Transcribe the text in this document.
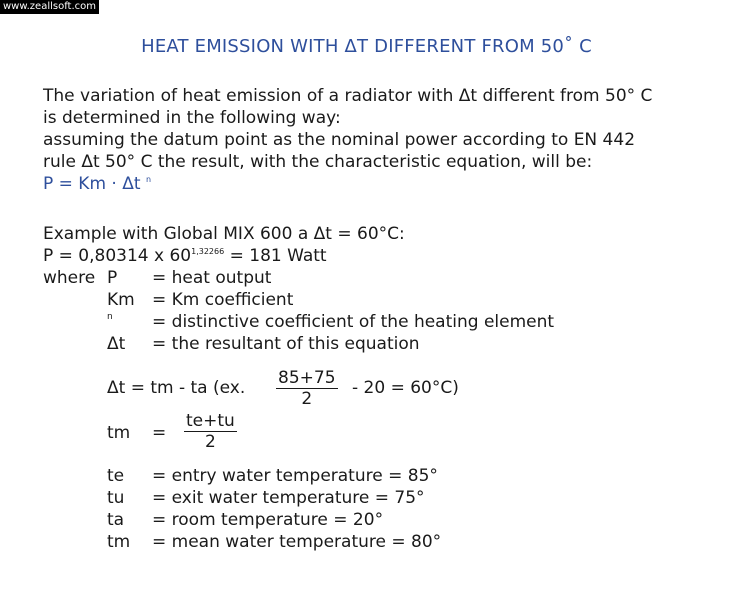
www.zeallsoft.com
HEAT EMISSION WITH ΔT DIFFERENT FROM 50˚ C
The variation of heat emission of a radiator with Δt different from 50° C
is determined in the following way:
assuming the datum point as the nominal power according to EN 442
rule Δt 50° C the result, with the characteristic equation, will be:
P = Km · Δt $^n$
Example with Global MIX 600 a Δt = 60°C:
P = 0,80314 x $60^{1,32266} = 181$ Watt
where P = heat output
Km = Km coefficient
n = distinctive coefficient of the heating element
Δt = the resultant of this equation
Δt = tm - ta (ex. $\frac{85+75}{2} - 20 = 60^\circ C$)
tm = $\frac{te+tu}{2}$
te = entry water temperature = 85°
tu = exit water temperature = 75°
ta = room temperature = 20°
tm = mean water temperature = 80°
